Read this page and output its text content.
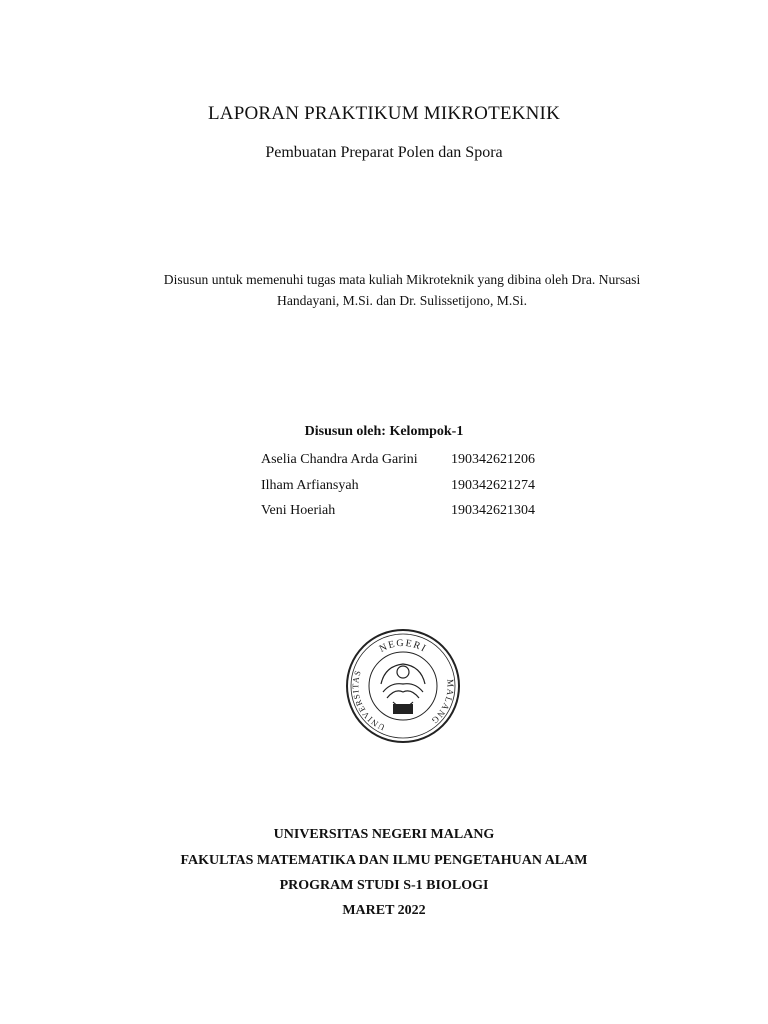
LAPORAN PRAKTIKUM MIKROTEKNIK
Pembuatan Preparat Polen dan Spora
Disusun untuk memenuhi tugas mata kuliah Mikroteknik yang dibina oleh Dra. Nursasi Handayani, M.Si. dan Dr. Sulissetijono, M.Si.
Disusun oleh: Kelompok-1
Aselia Chandra Arda Garini	190342621206
Ilham Arfiansyah	190342621274
Veni Hoeriah	190342621304
NEGERI
UNIVERSITAS
MALANG
UNIVERSITAS NEGERI MALANG
FAKULTAS MATEMATIKA DAN ILMU PENGETAHUAN ALAM
PROGRAM STUDI S-1 BIOLOGI
MARET 2022
